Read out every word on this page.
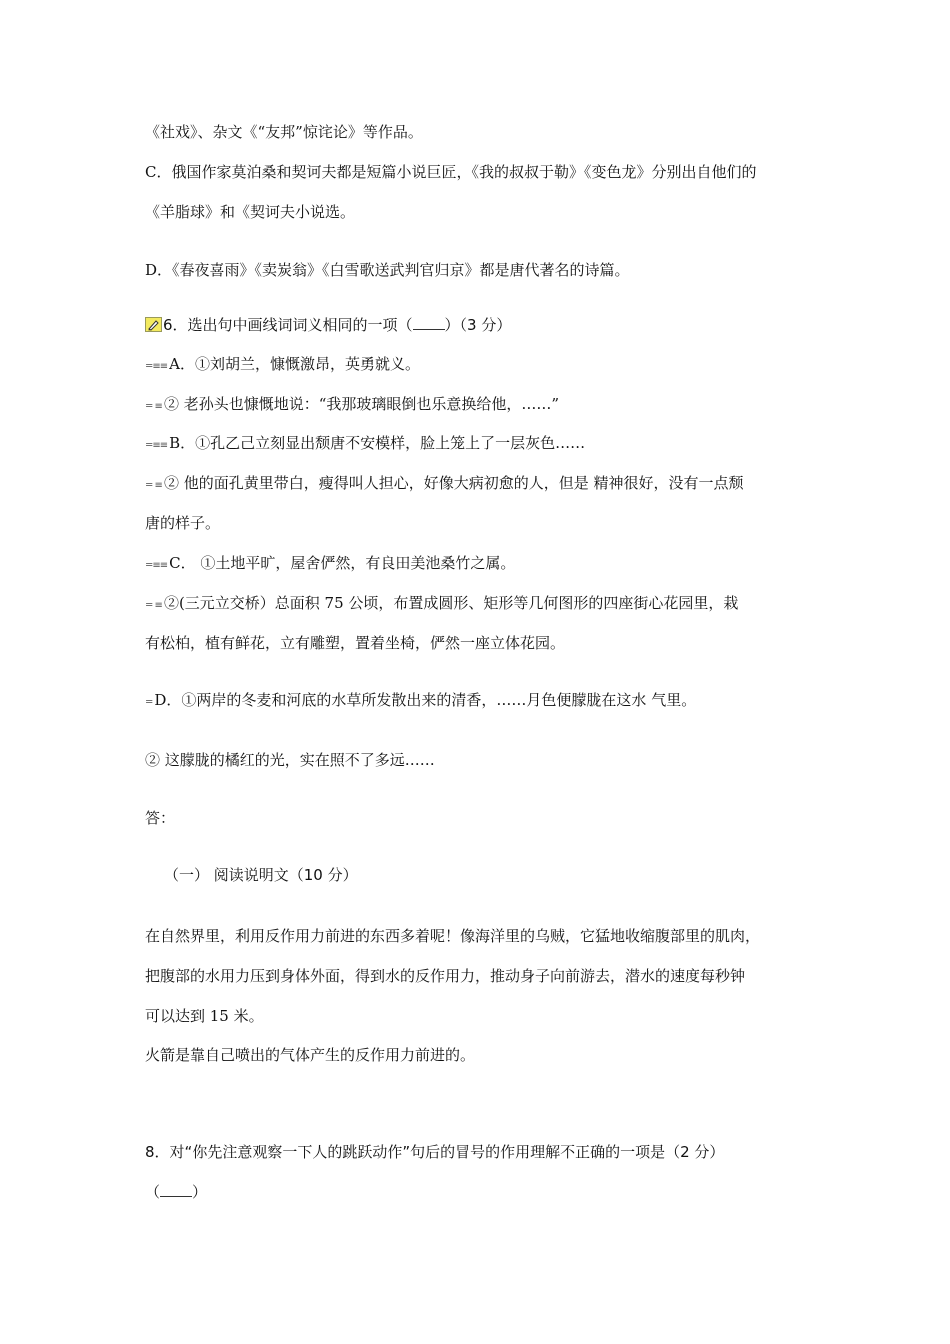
《社戏》、杂文《“友邦”惊诧论》等作品。
C．俄国作家莫泊桑和契诃夫都是短篇小说巨匠，《我的叔叔于勒》《变色龙》分别出自他们的
《羊脂球》和《契诃夫小说选。
D．《春夜喜雨》《卖炭翁》《白雪歌送武判官归京》都是唐代著名的诗篇。
6．选出句中画线词词义相同的一项（ ）（3 分）
=≡≡ A．①刘胡兰，慷慨激昂，英勇就义。
= ≡ ② 老孙头也慷慨地说：“我那玻璃眼倒也乐意换给他，……”
=≡≡ B．①孔乙己立刻显出颓唐不安模样，脸上笼上了一层灰色……
= ≡ ② 他的面孔黄里带白，瘦得叫人担心，好像大病初愈的人，但是 精神很好，没有一点颓
唐的样子。
=≡≡ C． ①土地平旷，屋舍俨然，有良田美池桑竹之属。
= ≡ ②(三元立交桥）总面积 75 公顷，布置成圆形、矩形等几何图形的四座街心花园里，栽
有松柏，植有鲜花，立有雕塑，置着坐椅，俨然一座立体花园。
= D．①两岸的冬麦和河底的水草所发散出来的清香，……月色便朦胧在这水 气里。
② 这朦胧的橘红的光，实在照不了多远……
答：
（一） 阅读说明文（10 分）
在自然界里，利用反作用力前进的东西多着呢！像海洋里的乌贼，它猛地收缩腹部里的肌肉，
把腹部的水用力压到身体外面，得到水的反作用力，推动身子向前游去，潜水的速度每秒钟
可以达到 15 米。
火箭是靠自己喷出的气体产生的反作用力前进的。
8．对“你先注意观察一下人的跳跃动作”句后的冒号的作用理解不正确的一项是（2 分）
（ ）
